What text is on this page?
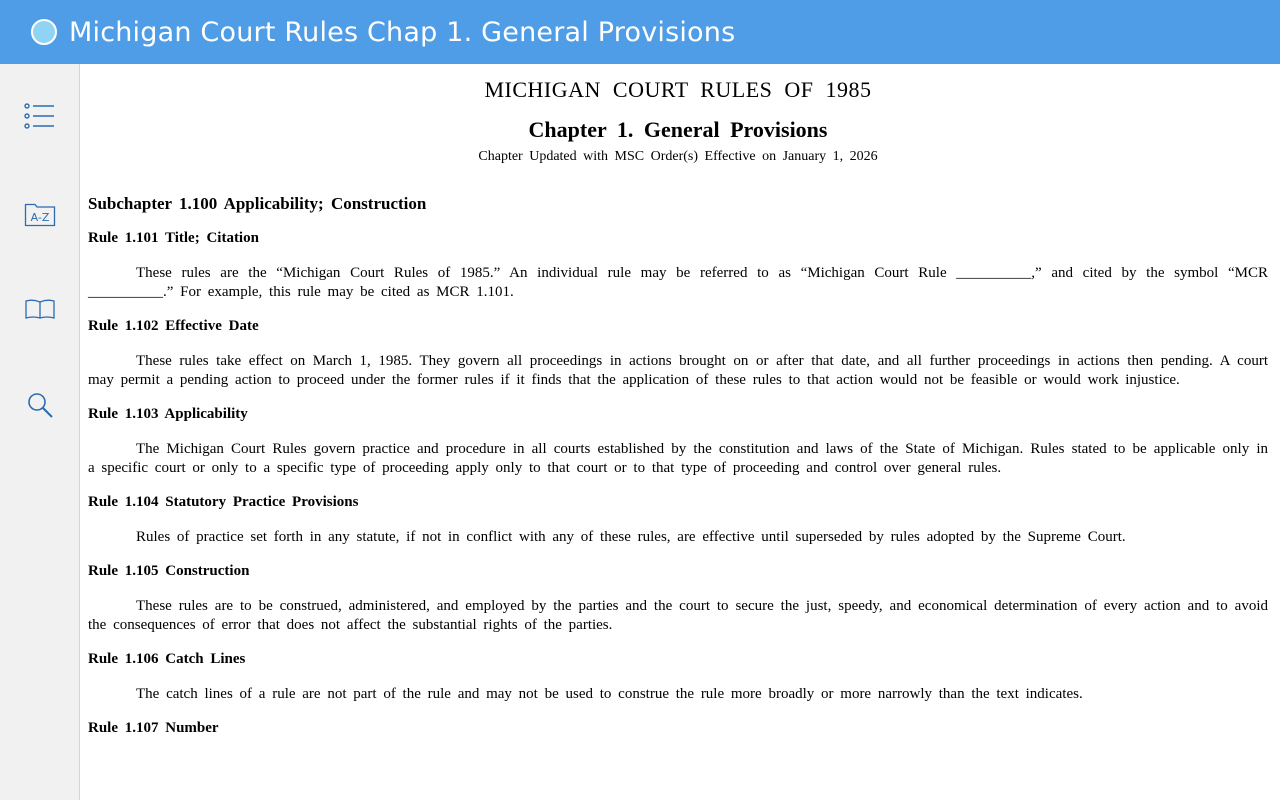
Michigan Court Rules Chap 1. General Provisions
A-Z
MICHIGAN COURT RULES OF 1985
Chapter 1. General Provisions
Chapter Updated with MSC Order(s) Effective on January 1, 2026
Subchapter 1.100 Applicability; Construction
Rule 1.101 Title; Citation
These rules are the “Michigan Court Rules of 1985.” An individual rule may be referred to as “Michigan Court Rule __________,” and cited by the symbol “MCR __________.” For example, this rule may be cited as MCR 1.101.
Rule 1.102 Effective Date
These rules take effect on March 1, 1985. They govern all proceedings in actions brought on or after that date, and all further proceedings in actions then pending. A court may permit a pending action to proceed under the former rules if it finds that the application of these rules to that action would not be feasible or would work injustice.
Rule 1.103 Applicability
The Michigan Court Rules govern practice and procedure in all courts established by the constitution and laws of the State of Michigan. Rules stated to be applicable only in a specific court or only to a specific type of proceeding apply only to that court or to that type of proceeding and control over general rules.
Rule 1.104 Statutory Practice Provisions
Rules of practice set forth in any statute, if not in conflict with any of these rules, are effective until superseded by rules adopted by the Supreme Court.
Rule 1.105 Construction
These rules are to be construed, administered, and employed by the parties and the court to secure the just, speedy, and economical determination of every action and to avoid the consequences of error that does not affect the substantial rights of the parties.
Rule 1.106 Catch Lines
The catch lines of a rule are not part of the rule and may not be used to construe the rule more broadly or more narrowly than the text indicates.
Rule 1.107 Number
